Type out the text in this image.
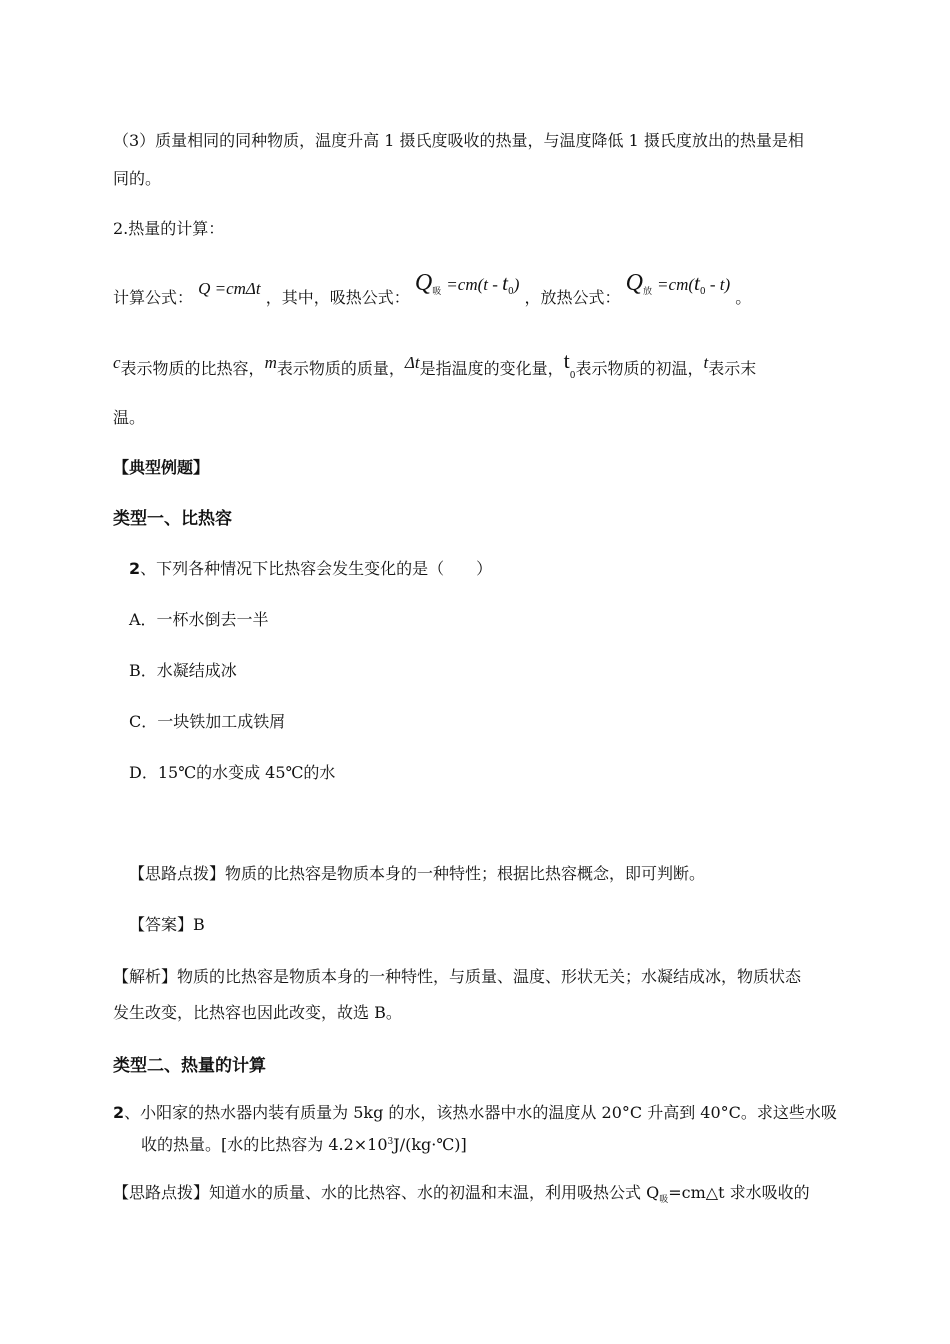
（3）质量相同的同种物质，温度升高 1 摄氏度吸收的热量，与温度降低 1 摄氏度放出的热量是相
同的。
2.热量的计算：
计算公式： Q =cmΔt ，其中，吸热公式： $Q_吸 =cm(t - t_0)$ ，放热公式： $Q_放 =cm(t_0 - t)$ 。
c表示物质的比热容，m表示物质的质量，Δt是指温度的变化量，$t_0$表示物质的初温，t表示末
温。
【典型例题】
类型一、比热容
2、下列各种情况下比热容会发生变化的是（　　）
A．一杯水倒去一半
B．水凝结成冰
C．一块铁加工成铁屑
D．15℃的水变成 45℃的水
【思路点拨】物质的比热容是物质本身的一种特性；根据比热容概念，即可判断。
【答案】B
【解析】物质的比热容是物质本身的一种特性，与质量、温度、形状无关；水凝结成冰，物质状态
发生改变，比热容也因此改变，故选 B。
类型二、热量的计算
2、小阳家的热水器内装有质量为 5kg 的水，该热水器中水的温度从 20°C 升高到 40°C。求这些水吸
收的热量。[水的比热容为 $4.2\times 10^3J/(kg\cdot℃)$]
【思路点拨】知道水的质量、水的比热容、水的初温和末温，利用吸热公式 $Q_吸=cm\triangle t$ 求水吸收的
